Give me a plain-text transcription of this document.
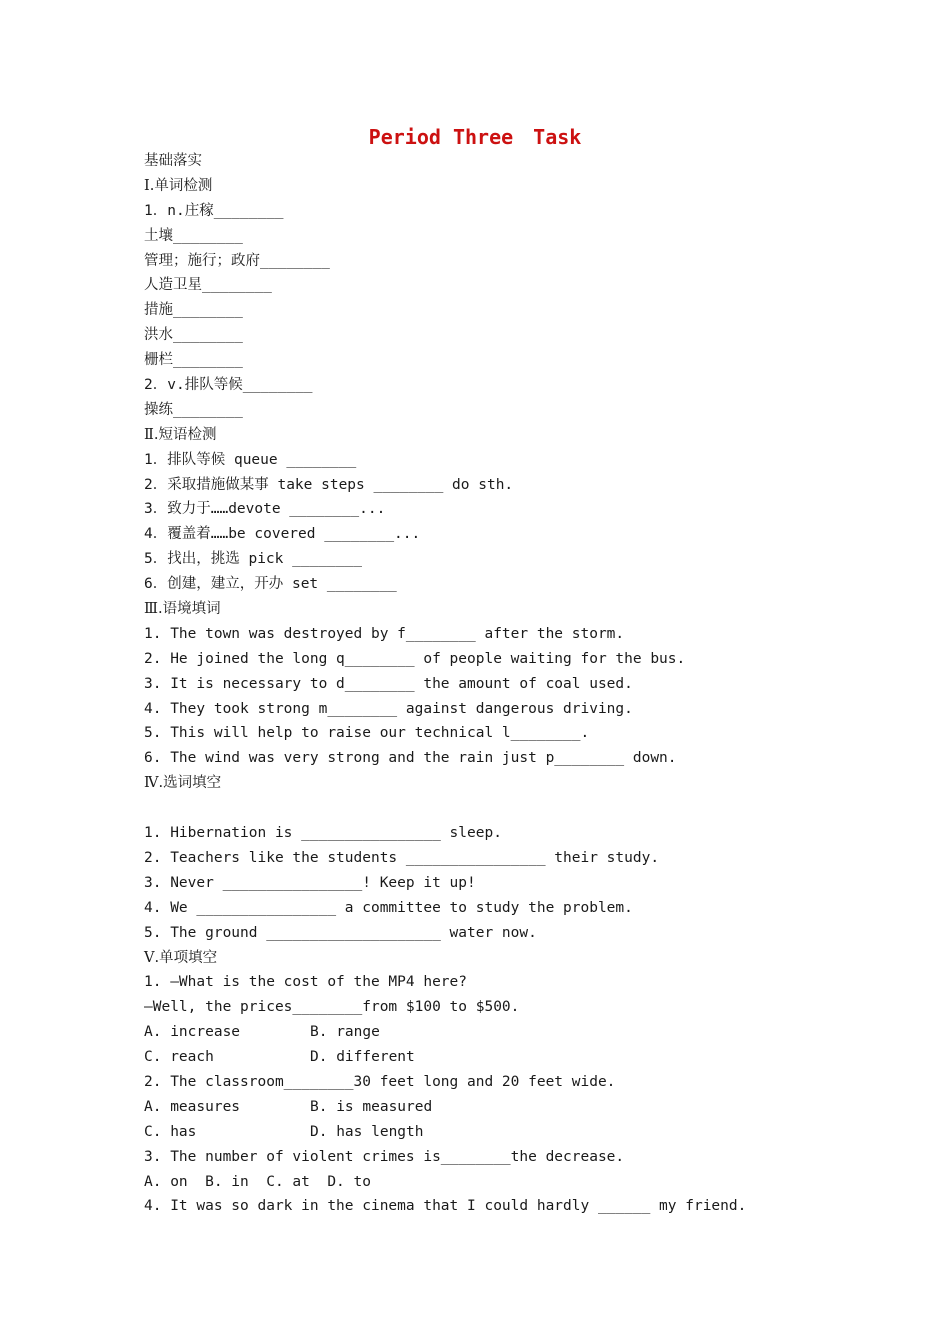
Period Three　Task
基础落实
Ⅰ.单词检测
1．n.庄稼________
土壤________
管理；施行；政府________
人造卫星________
措施________
洪水________
栅栏________
2．v.排队等候________
操练________
Ⅱ.短语检测
1．排队等候 queue ________
2．采取措施做某事 take steps ________ do sth.
3．致力于……devote ________...
4．覆盖着……be covered ________...
5．找出，挑选 pick ________
6．创建，建立，开办 set ________
Ⅲ.语境填词
1. The town was destroyed by f________ after the storm.
2. He joined the long q________ of people waiting for the bus.
3. It is necessary to d________ the amount of coal used.
4. They took strong m________ against dangerous driving.
5. This will help to raise our technical l________.
6. The wind was very strong and the rain just p________ down.
Ⅳ.选词填空
1. Hibernation is ________________ sleep.
2. Teachers like the students ________________ their study.
3. Never ________________! Keep it up!
4. We ________________ a committee to study the problem.
5. The ground ____________________ water now.
Ⅴ.单项填空
1. —What is the cost of the MP4 here?
—Well, the prices________from $100 to $500.
A. increase	B. range
C. reach	D. different
2. The classroom________30 feet long and 20 feet wide.
A. measures	B. is measured
C. has	D. has length
3. The number of violent crimes is________the decrease.
A. on  B. in  C. at  D. to
4. It was so dark in the cinema that I could hardly ______ my friend.
